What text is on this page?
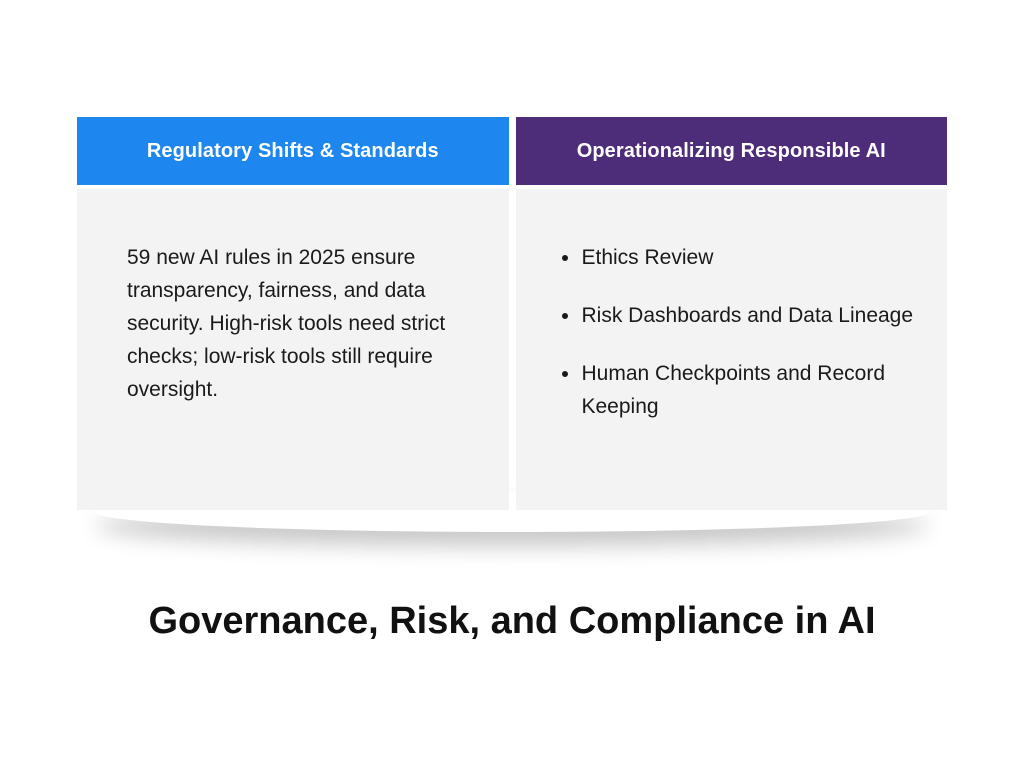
Regulatory Shifts & Standards

59 new AI rules in 2025 ensure transparency, fairness, and data security. High-risk tools need strict checks; low-risk tools still require oversight.

Operationalizing Responsible AI
Ethics Review
Risk Dashboards and Data Lineage
Human Checkpoints and Record Keeping
Governance, Risk, and Compliance in AI
